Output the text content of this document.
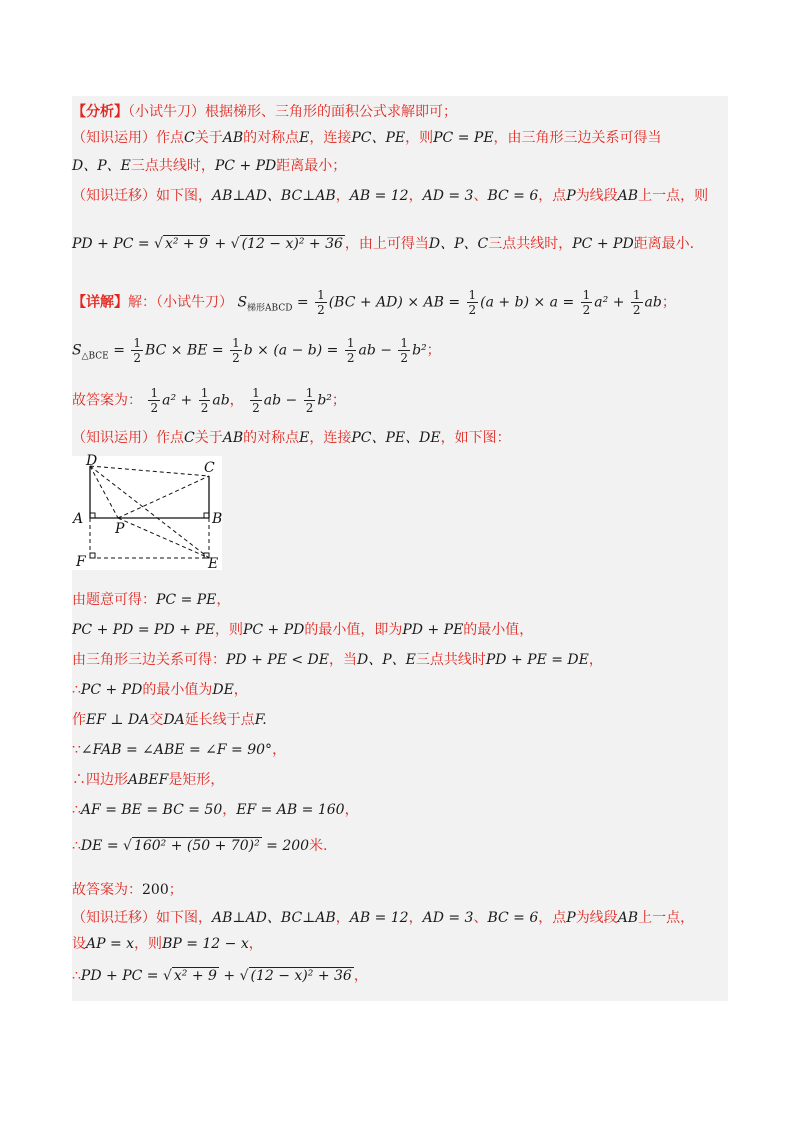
【分析】（小试牛刀）根据梯形、三角形的面积公式求解即可；
（知识运用）作点C关于AB的对称点E，连接PC、PE，则PC = PE，由三角形三边关系可得当
D、P、E三点共线时，PC + PD距离最小；
（知识迁移）如下图，AB⊥AD、BC⊥AB，AB = 12，AD = 3、BC = 6，点P为线段AB上一点，则
PD + PC = √ x² + 9 + √ (12 − x)² + 36 ，由上可得当D、P、C三点共线时，PC + PD距离最小.
【详解】解：（小试牛刀） $S_{梯形ABCD} = \frac{1}{2} (BC + AD)$ × AB = $\frac{1}{2} (a + b) \times a = \frac{1}{2} a^2 + \frac{1}{2}$ ab；
$S_{\triangle BCE} = \frac{1}{2}$ BC × BE = $\frac{1}{2}$ $b \times (a - b) = \frac{1}{2}$ ab − $\frac{1}{2} b^2$；
故答案为： $\frac{1}{2} a^2 + \frac{1}{2}$ ab， $\frac{1}{2}$ ab − $\frac{1}{2} b^2$；
（知识运用）作点C关于AB的对称点E，连接PC、PE、DE，如下图：
D	C
A	B
P
F	E
由题意可得：PC = PE，
PC + PD = PD + PE，则PC + PD的最小值，即为PD + PE的最小值，
由三角形三边关系可得：PD + PE < DE，当D、P、E三点共线时PD + PE = DE，
∴PC + PD的最小值为DE，
作EF ⊥ DA交DA延长线于点F.
∵∠FAB = ∠ABE = ∠F = 90°，
∴四边形ABEF是矩形，
∴AF = BE = BC = 50，EF = AB = 160，
∴DE = √ 160² + (50 + 70)² = 200米.
故答案为：200；
（知识迁移）如下图，AB⊥AD、BC⊥AB，AB = 12，AD = 3、BC = 6，点P为线段AB上一点，
设AP = x，则BP = 12 − x，
∴PD + PC = √ x² + 9 + √ (12 − x)² + 36 ，
